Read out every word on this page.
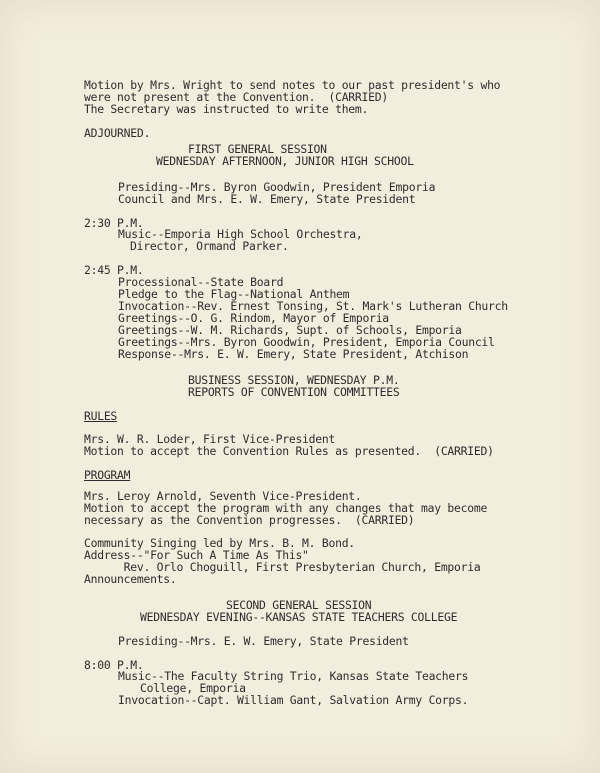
Motion by Mrs. Wright to send notes to our past president's who
were not present at the Convention.  (CARRIED)
The Secretary was instructed to write them.
ADJOURNED.
FIRST GENERAL SESSION
WEDNESDAY AFTERNOON, JUNIOR HIGH SCHOOL
Presiding--Mrs. Byron Goodwin, President Emporia
Council and Mrs. E. W. Emery, State President
2:30 P.M.
Music--Emporia High School Orchestra,
Director, Ormand Parker.
2:45 P.M.
Processional--State Board
Pledge to the Flag--National Anthem
Invocation--Rev. Ernest Tonsing, St. Mark's Lutheran Church
Greetings--O. G. Rindom, Mayor of Emporia
Greetings--W. M. Richards, Supt. of Schools, Emporia
Greetings--Mrs. Byron Goodwin, President, Emporia Council
Response--Mrs. E. W. Emery, State President, Atchison
BUSINESS SESSION, WEDNESDAY P.M.
REPORTS OF CONVENTION COMMITTEES
RULES
Mrs. W. R. Loder, First Vice-President
Motion to accept the Convention Rules as presented.  (CARRIED)
PROGRAM
Mrs. Leroy Arnold, Seventh Vice-President.
Motion to accept the program with any changes that may become
necessary as the Convention progresses.  (CARRIED)
Community Singing led by Mrs. B. M. Bond.
Address--"For Such A Time As This"
Rev. Orlo Choguill, First Presbyterian Church, Emporia
Announcements.
SECOND GENERAL SESSION
WEDNESDAY EVENING--KANSAS STATE TEACHERS COLLEGE
Presiding--Mrs. E. W. Emery, State President
8:00 P.M.
Music--The Faculty String Trio, Kansas State Teachers
College, Emporia
Invocation--Capt. William Gant, Salvation Army Corps.
